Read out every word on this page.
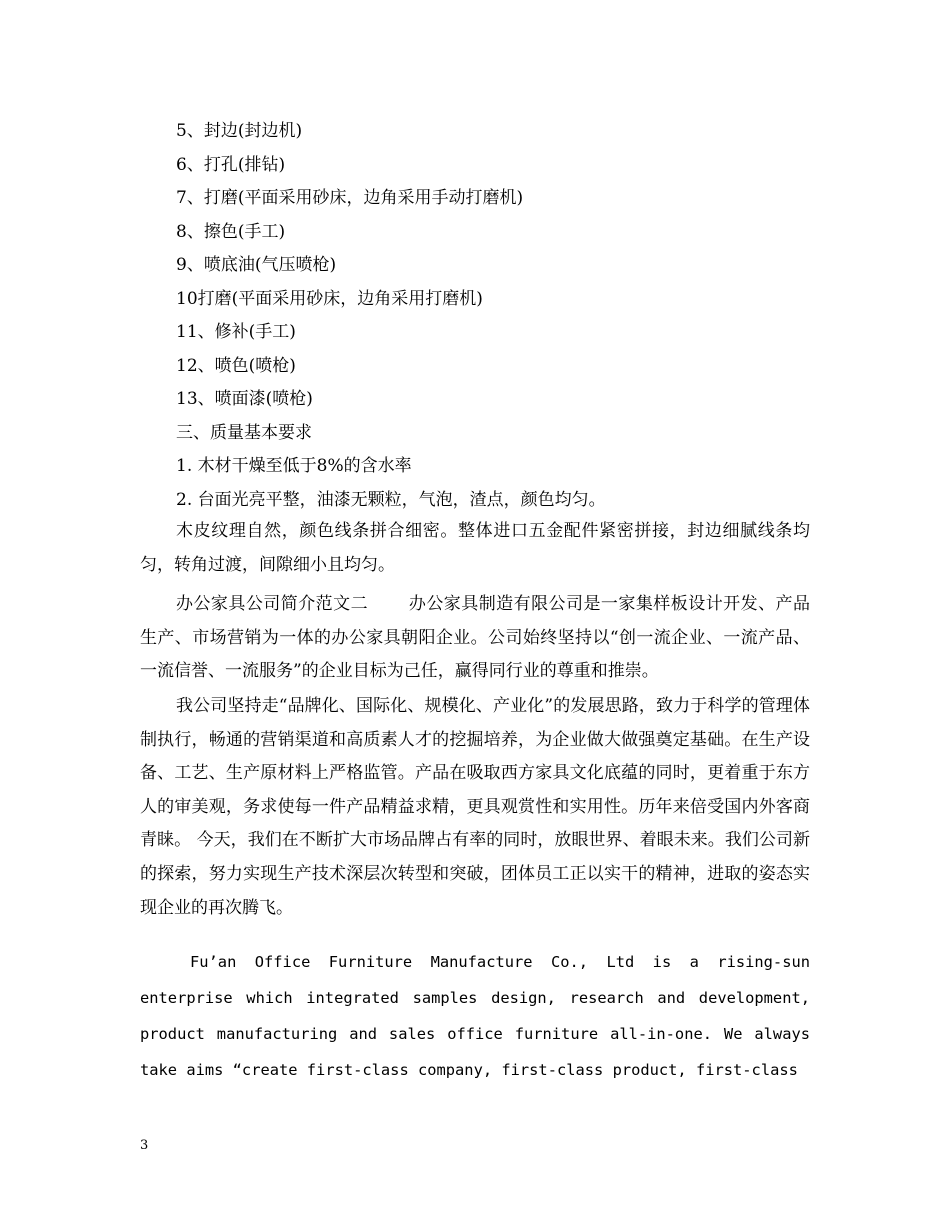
5、封边(封边机)
6、打孔(排钻)
7、打磨(平面采用砂床，边角采用手动打磨机)
8、擦色(手工)
9、喷底油(气压喷枪)
10打磨(平面采用砂床，边角采用打磨机)
11、修补(手工)
12、喷色(喷枪)
13、喷面漆(喷枪)
三、质量基本要求
1. 木材干燥至低于8%的含水率
2. 台面光亮平整，油漆无颗粒，气泡，渣点，颜色均匀。

木皮纹理自然，颜色线条拼合细密。整体进口五金配件紧密拼接，封边细腻线条均匀，转角过渡，间隙细小且均匀。

办公家具公司简介范文二　　 办公家具制造有限公司是一家集样板设计开发、产品生产、市场营销为一体的办公家具朝阳企业。公司始终坚持以“创一流企业、一流产品、一流信誉、一流服务”的企业目标为己任，赢得同行业的尊重和推崇。

我公司坚持走“品牌化、国际化、规模化、产业化”的发展思路，致力于科学的管理体制执行，畅通的营销渠道和高质素人才的挖掘培养，为企业做大做强奠定基础。在生产设备、工艺、生产原材料上严格监管。产品在吸取西方家具文化底蕴的同时，更着重于东方人的审美观，务求使每一件产品精益求精，更具观赏性和实用性。历年来倍受国内外客商青睐。 今天，我们在不断扩大市场品牌占有率的同时，放眼世界、着眼未来。我们公司新的探索，努力实现生产技术深层次转型和突破，团体员工正以实干的精神，进取的姿态实现企业的再次腾飞。

Fu’an Office Furniture Manufacture Co., Ltd is a rising-sun enterprise which integrated samples design, research and development, product manufacturing and sales office furniture all-in-one. We always take aims “create first-class company, first-class product, first-class

3
